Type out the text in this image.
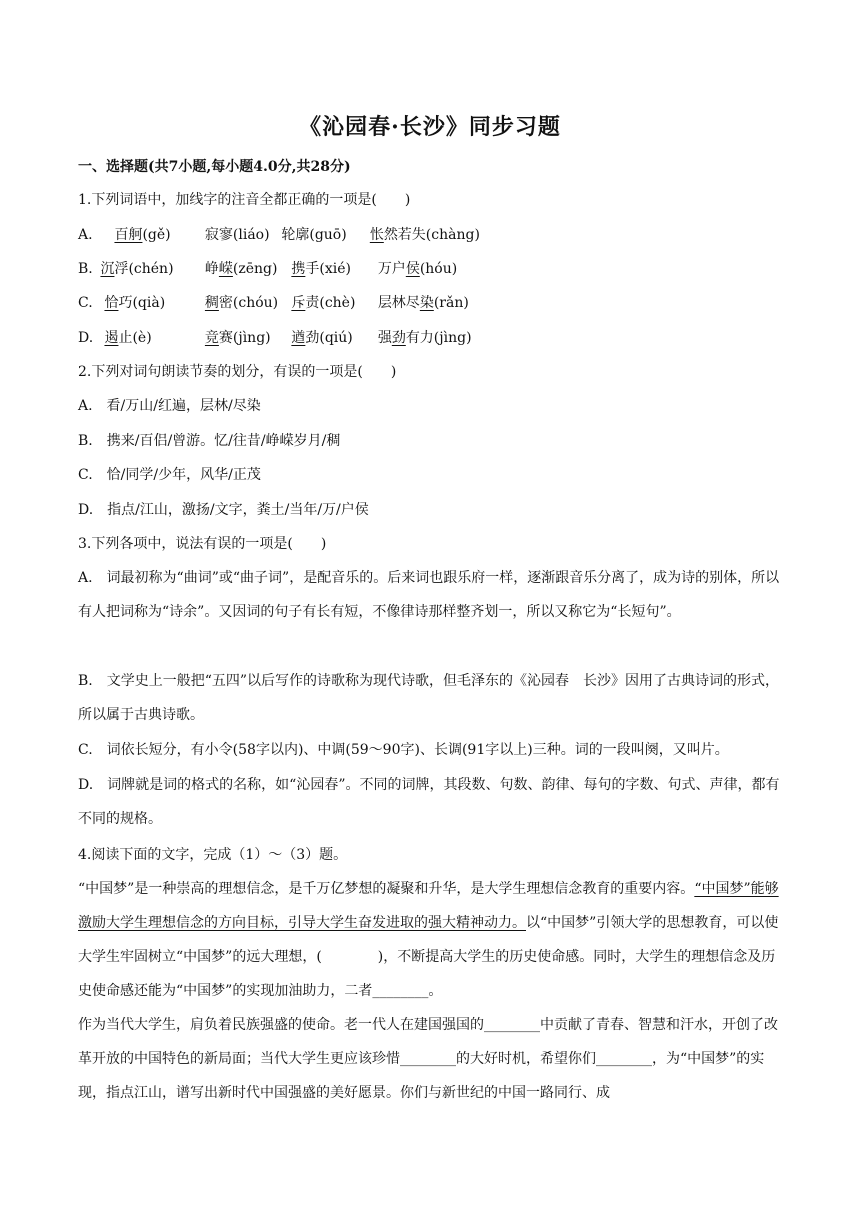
《沁园春·长沙》同步习题
一、选择题(共7小题,每小题4.0分,共28分)
1.下列词语中，加线字的注音全都正确的一项是(　　)
A. 百舸(gě) 寂寥(liáo) 轮廓(guō) 怅然若失(chàng)
B. 沉浮(chén) 峥嵘(zēng) 携手(xié) 万户侯(hóu)
C. 恰巧(qià)	稠密(chóu) 斥责(chè) 层林尽染(rǎn)
D. 遏止(è)	竞赛(jìng) 遒劲(qiú) 强劲有力(jìng)
2.下列对词句朗读节奏的划分，有误的一项是(　　)
A.　看/万山/红遍，层林/尽染
B.　携来/百侣/曾游。忆/往昔/峥嵘岁月/稠
C.　恰/同学/少年，风华/正茂
D.　指点/江山，激扬/文字，粪土/当年/万/户侯
3.下列各项中，说法有误的一项是(　　)
A.　词最初称为“曲词”或“曲子词”，是配音乐的。后来词也跟乐府一样，逐渐跟音乐分离了，成为诗的别体，所以有人把词称为“诗余”。又因词的句子有长有短，不像律诗那样整齐划一，所以又称它为“长短句”。
B.　文学史上一般把“五四”以后写作的诗歌称为现代诗歌，但毛泽东的《沁园春　长沙》因用了古典诗词的形式，所以属于古典诗歌。
C.　词依长短分，有小令(58字以内)、中调(59～90字)、长调(91字以上)三种。词的一段叫阕，又叫片。
D.　词牌就是词的格式的名称，如“沁园春”。不同的词牌，其段数、句数、韵律、每句的字数、句式、声律，都有不同的规格。
4.阅读下面的文字，完成（1）～（3）题。
“中国梦”是一种崇高的理想信念，是千万亿梦想的凝聚和升华，是大学生理想信念教育的重要内容。“中国梦”能够激励大学生理想信念的方向目标，引导大学生奋发进取的强大精神动力。以“中国梦”引领大学的思想教育，可以使大学生牢固树立“中国梦”的远大理想，(　　　　)，不断提高大学生的历史使命感。同时，大学生的理想信念及历史使命感还能为“中国梦”的实现加油助力，二者________。
作为当代大学生，肩负着民族强盛的使命。老一代人在建国强国的________中贡献了青春、智慧和汗水，开创了改革开放的中国特色的新局面；当代大学生更应该珍惜________的大好时机，希望你们________，为“中国梦”的实现，指点江山，谱写出新时代中国强盛的美好愿景。你们与新世纪的中国一路同行、成
